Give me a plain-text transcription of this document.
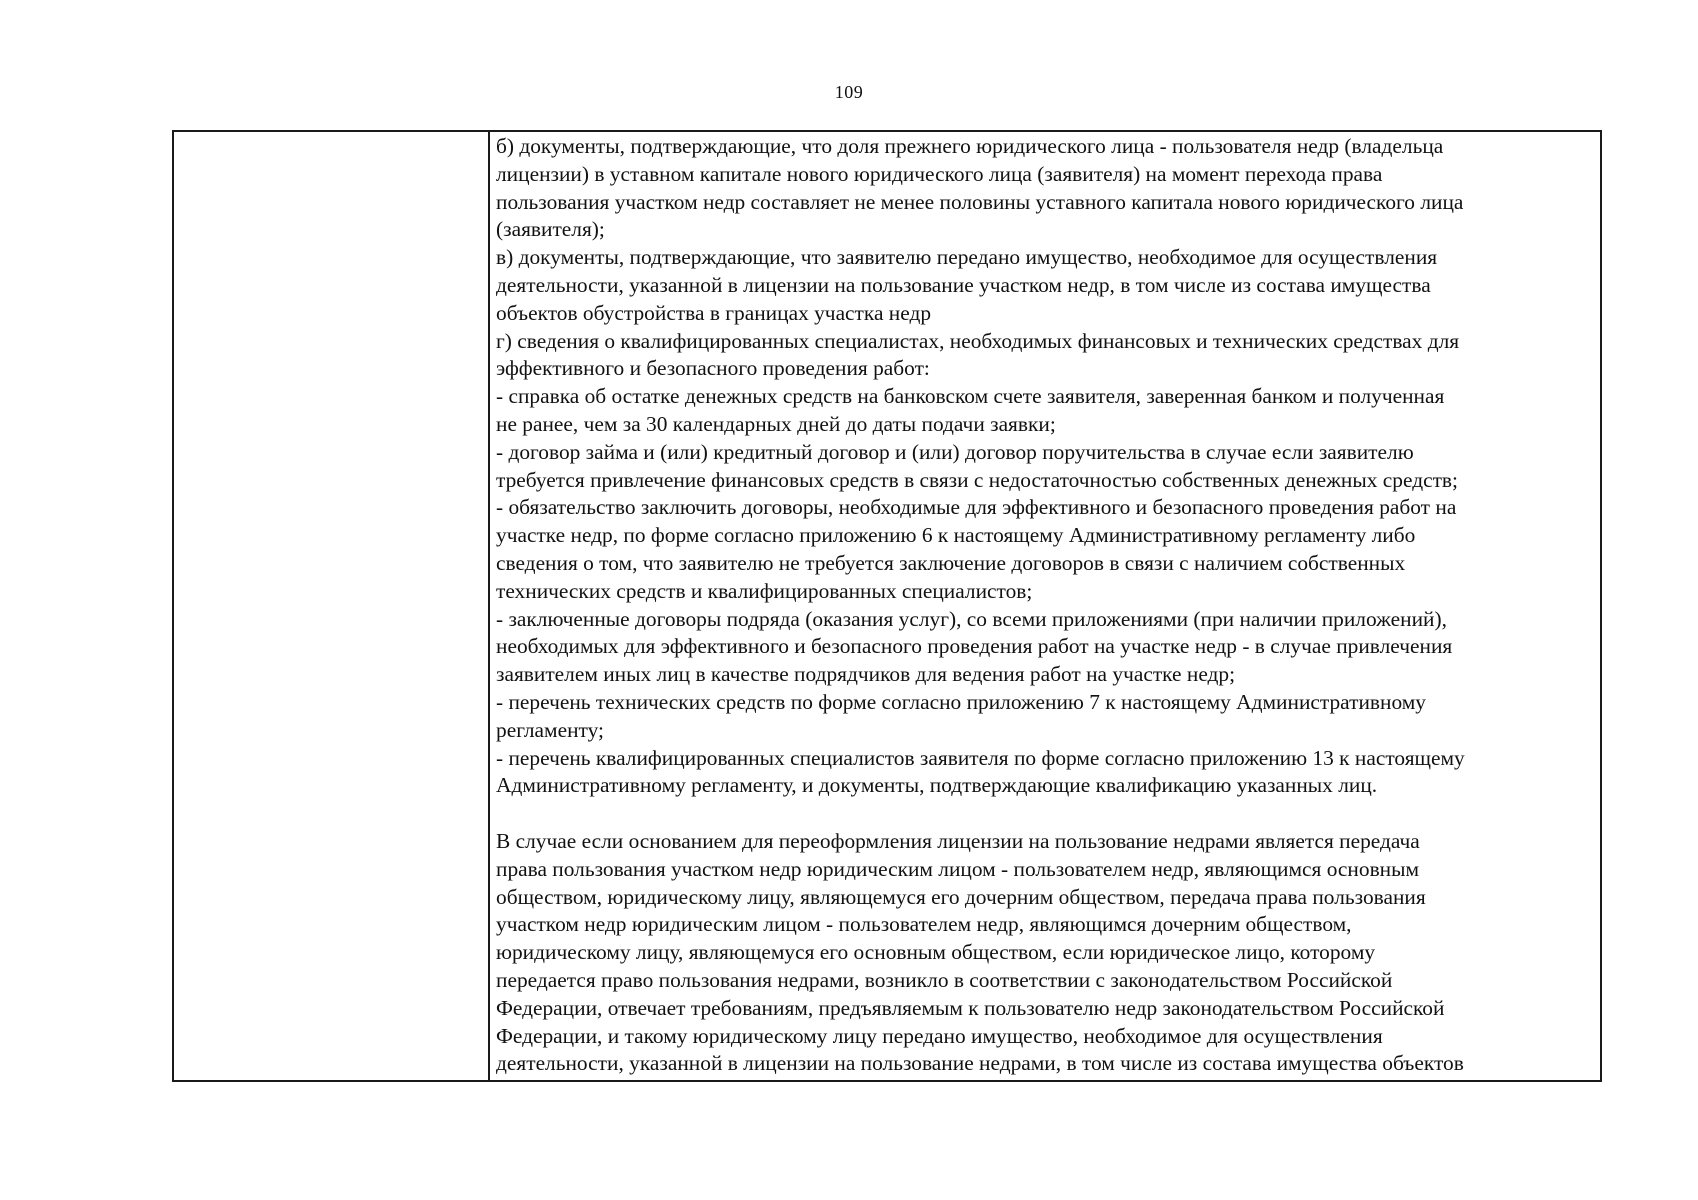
109
б) документы, подтверждающие, что доля прежнего юридического лица - пользователя недр (владельца
лицензии) в уставном капитале нового юридического лица (заявителя) на момент перехода права
пользования участком недр составляет не менее половины уставного капитала нового юридического лица
(заявителя);
в) документы, подтверждающие, что заявителю передано имущество, необходимое для осуществления
деятельности, указанной в лицензии на пользование участком недр, в том числе из состава имущества
объектов обустройства в границах участка недр
г) сведения о квалифицированных специалистах, необходимых финансовых и технических средствах для
эффективного и безопасного проведения работ:
- справка об остатке денежных средств на банковском счете заявителя, заверенная банком и полученная
не ранее, чем за 30 календарных дней до даты подачи заявки;
- договор займа и (или) кредитный договор и (или) договор поручительства в случае если заявителю
требуется привлечение финансовых средств в связи с недостаточностью собственных денежных средств;
- обязательство заключить договоры, необходимые для эффективного и безопасного проведения работ на
участке недр, по форме согласно приложению 6 к настоящему Административному регламенту либо
сведения о том, что заявителю не требуется заключение договоров в связи с наличием собственных
технических средств и квалифицированных специалистов;
- заключенные договоры подряда (оказания услуг), со всеми приложениями (при наличии приложений),
необходимых для эффективного и безопасного проведения работ на участке недр - в случае привлечения
заявителем иных лиц в качестве подрядчиков для ведения работ на участке недр;
- перечень технических средств по форме согласно приложению 7 к настоящему Административному
регламенту;
- перечень квалифицированных специалистов заявителя по форме согласно приложению 13 к настоящему
Административному регламенту, и документы, подтверждающие квалификацию указанных лиц.
В случае если основанием для переоформления лицензии на пользование недрами является передача
права пользования участком недр юридическим лицом - пользователем недр, являющимся основным
обществом, юридическому лицу, являющемуся его дочерним обществом, передача права пользования
участком недр юридическим лицом - пользователем недр, являющимся дочерним обществом,
юридическому лицу, являющемуся его основным обществом, если юридическое лицо, которому
передается право пользования недрами, возникло в соответствии с законодательством Российской
Федерации, отвечает требованиям, предъявляемым к пользователю недр законодательством Российской
Федерации, и такому юридическому лицу передано имущество, необходимое для осуществления
деятельности, указанной в лицензии на пользование недрами, в том числе из состава имущества объектов
